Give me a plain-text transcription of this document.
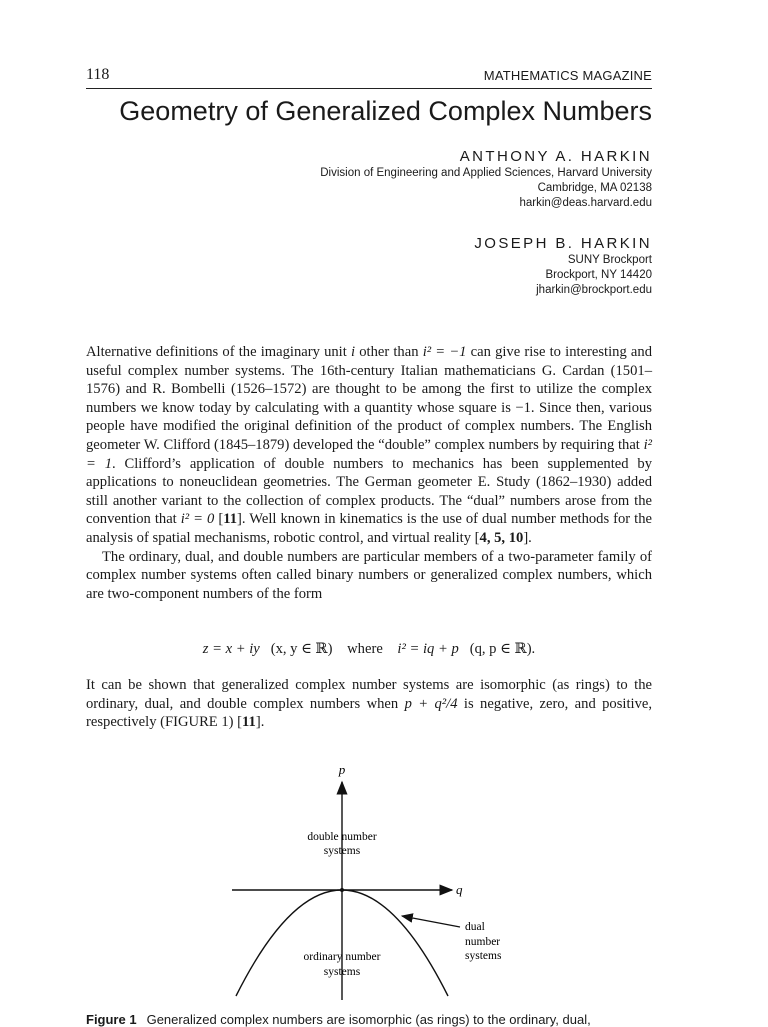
118	MATHEMATICS MAGAZINE
Geometry of Generalized Complex Numbers
ANTHONY A. HARKIN
Division of Engineering and Applied Sciences, Harvard University
Cambridge, MA 02138
harkin@deas.harvard.edu
JOSEPH B. HARKIN
SUNY Brockport
Brockport, NY 14420
jharkin@brockport.edu

Alternative definitions of the imaginary unit i other than i² = −1 can give rise to interesting and useful complex number systems. The 16th-century Italian mathematicians G. Cardan (1501–1576) and R. Bombelli (1526–1572) are thought to be among the first to utilize the complex numbers we know today by calculating with a quantity whose square is −1. Since then, various people have modified the original definition of the product of complex numbers. The English geometer W. Clifford (1845–1879) developed the “double” complex numbers by requiring that i² = 1. Clifford’s application of double numbers to mechanics has been supplemented by applications to noneuclidean geometries. The German geometer E. Study (1862–1930) added still another variant to the collection of complex products. The “dual” numbers arose from the convention that i² = 0 [11]. Well known in kinematics is the use of dual number methods for the analysis of spatial mechanisms, robotic control, and virtual reality [4, 5, 10].

The ordinary, dual, and double numbers are particular members of a two-parameter family of complex number systems often called binary numbers or generalized complex numbers, which are two-component numbers of the form

z = x + iy (x, y ∈ ℝ) where i² = iq + p (q, p ∈ ℝ).

It can be shown that generalized complex number systems are isomorphic (as rings) to the ordinary, dual, and double complex numbers when p + q²/4 is negative, zero, and positive, respectively (FIGURE 1) [11].

p
q
double number
systems
ordinary number
systems
dual
number
systems
Figure 1 Generalized complex numbers are isomorphic (as rings) to the ordinary, dual,
